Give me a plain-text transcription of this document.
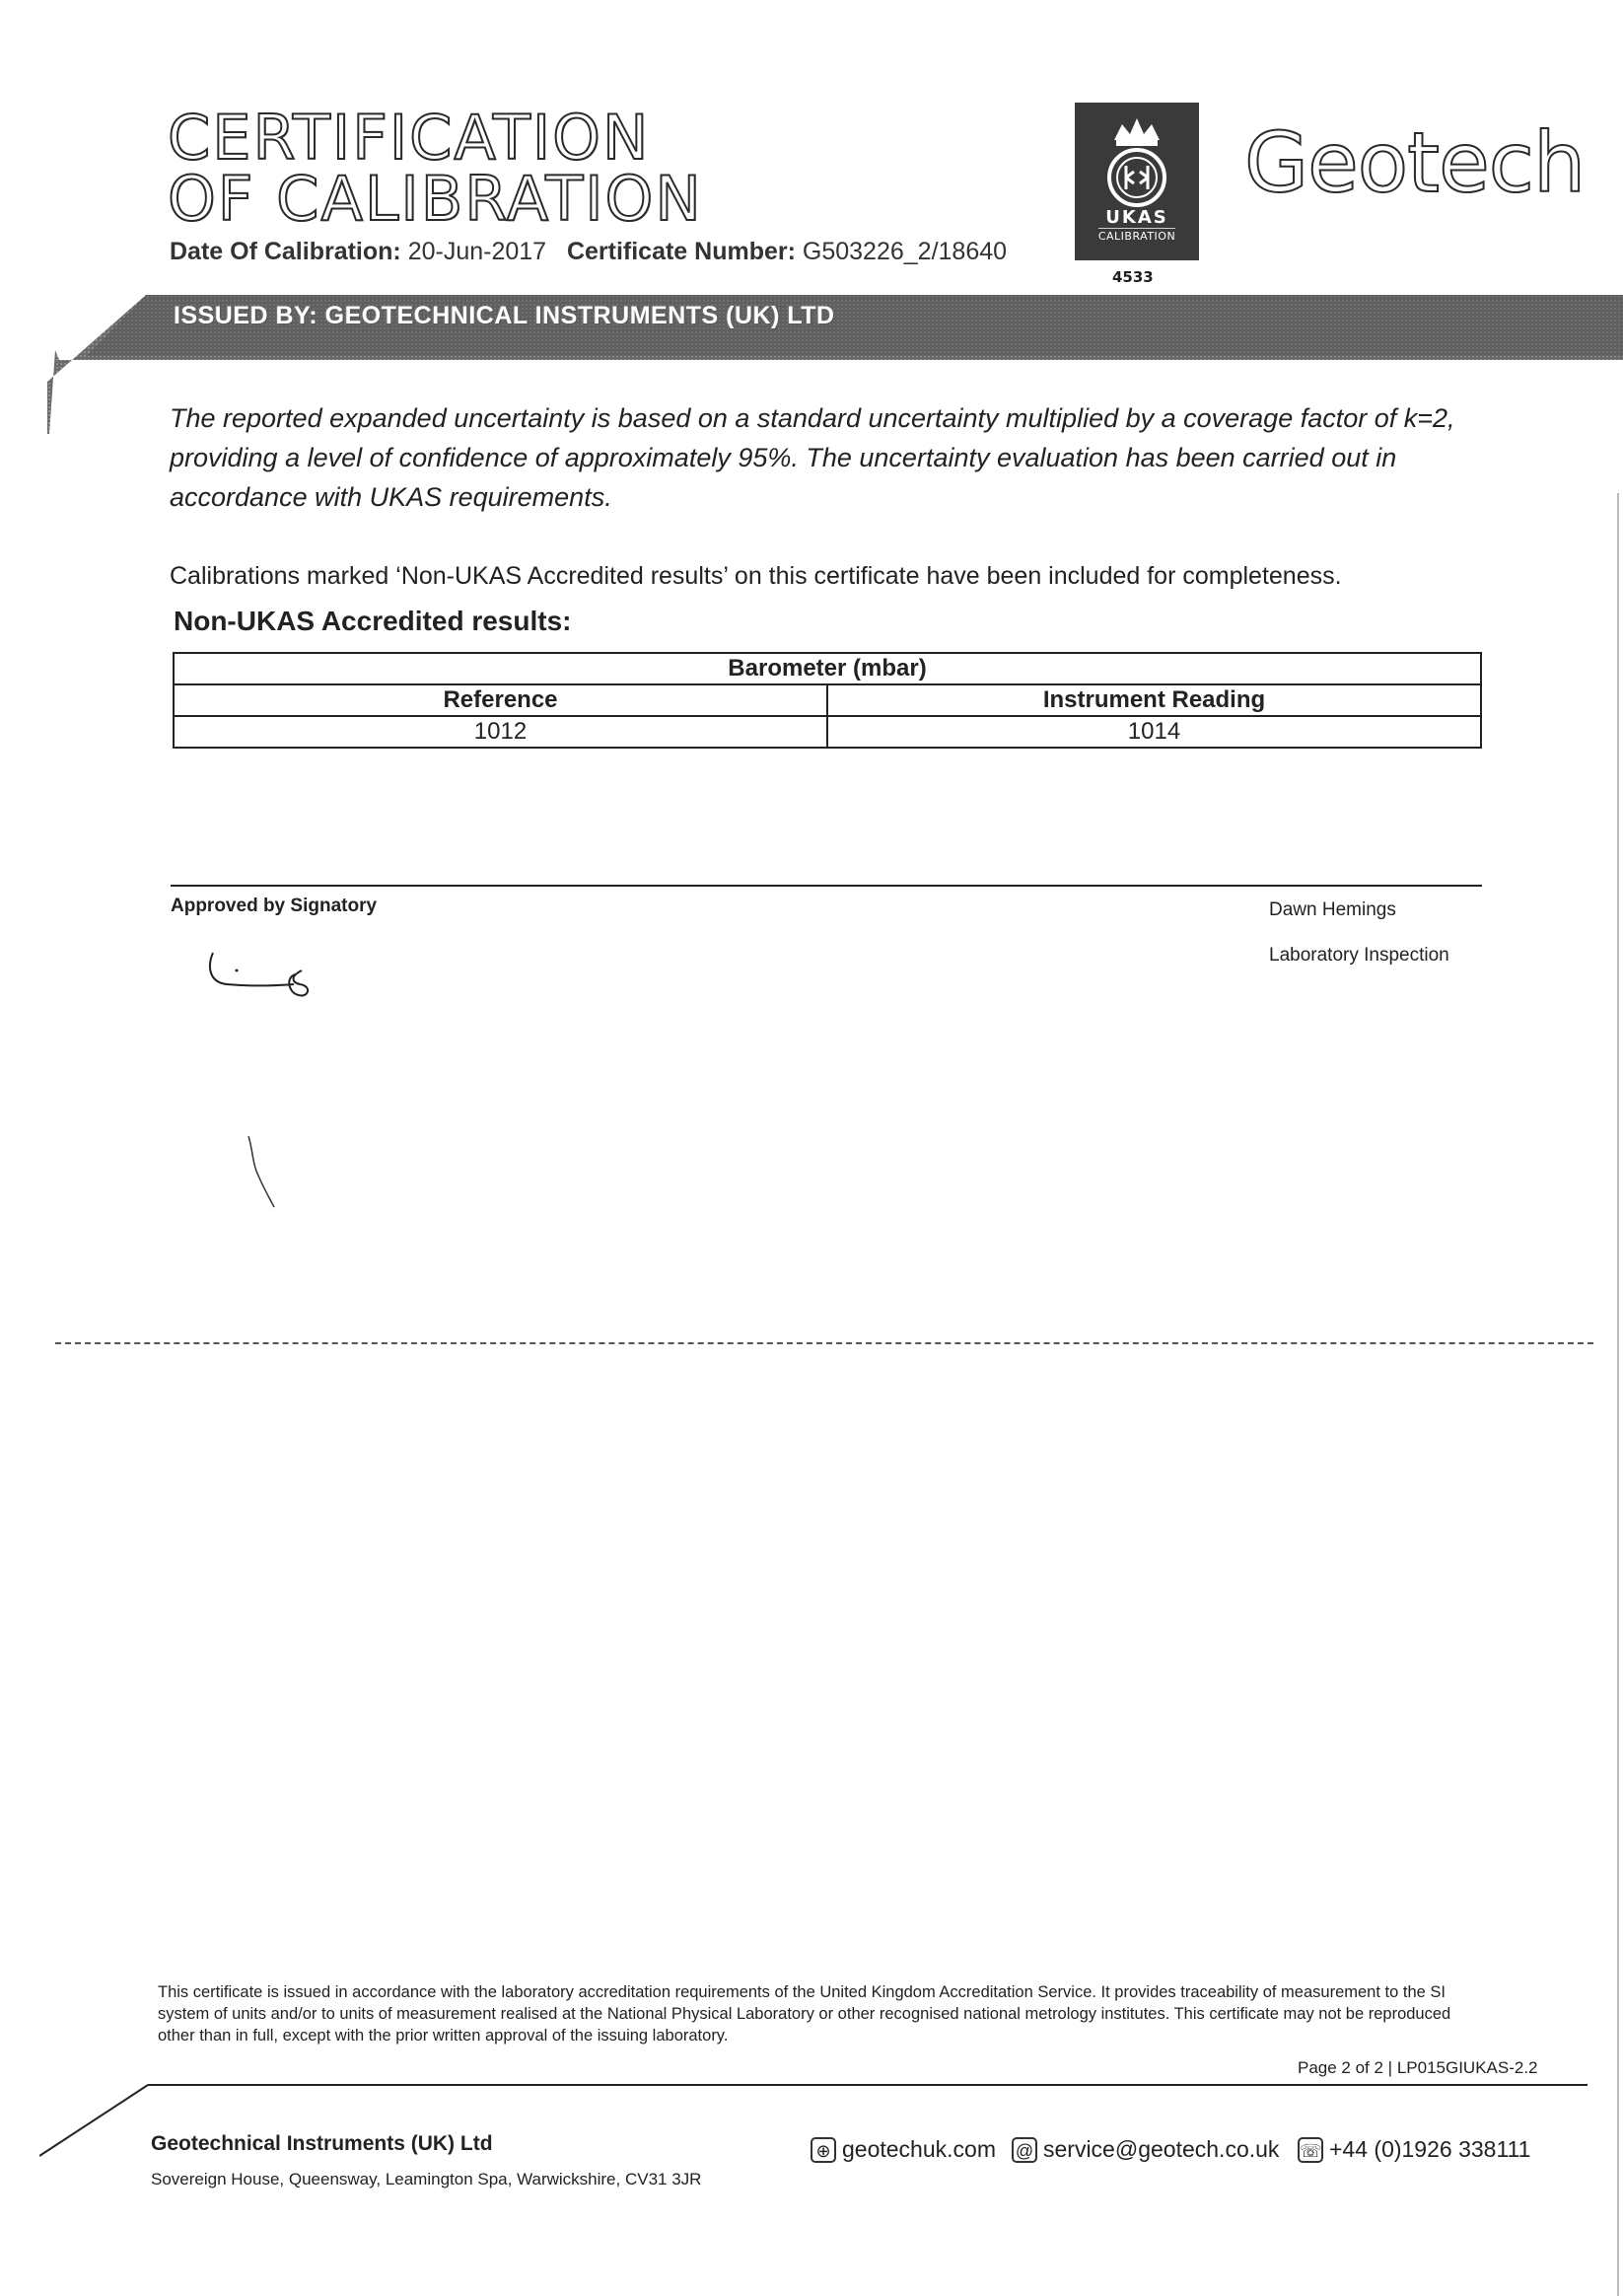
CERTIFICATION
OF CALIBRATION
Date Of Calibration: 20-Jun-2017 Certificate Number: G503226_2/18640
UKAS
CALIBRATION
4533
Geotech
ISSUED BY: GEOTECHNICAL INSTRUMENTS (UK) LTD
The reported expanded uncertainty is based on a standard uncertainty multiplied by a coverage factor of k=2, providing a level of confidence of approximately 95%. The uncertainty evaluation has been carried out in accordance with UKAS requirements.
Calibrations marked ‘Non-UKAS Accredited results’ on this certificate have been included for completeness.
Non-UKAS Accredited results:
Barometer (mbar)	
Reference	Instrument Reading
1012	1014
Approved by Signatory	Dawn Hemings
Laboratory Inspection
This certificate is issued in accordance with the laboratory accreditation requirements of the United Kingdom Accreditation Service. It provides traceability of measurement to the SI system of units and/or to units of measurement realised at the National Physical Laboratory or other recognised national metrology institutes. This certificate may not be reproduced other than in full, except with the prior written approval of the issuing laboratory.
Page 2 of 2 | LP015GIUKAS-2.2
Geotechnical Instruments (UK) Ltd
Sovereign House, Queensway, Leamington Spa, Warwickshire, CV31 3JR
⊕ geotechuk.com @ service@geotech.co.uk ☏ +44 (0)1926 338111
